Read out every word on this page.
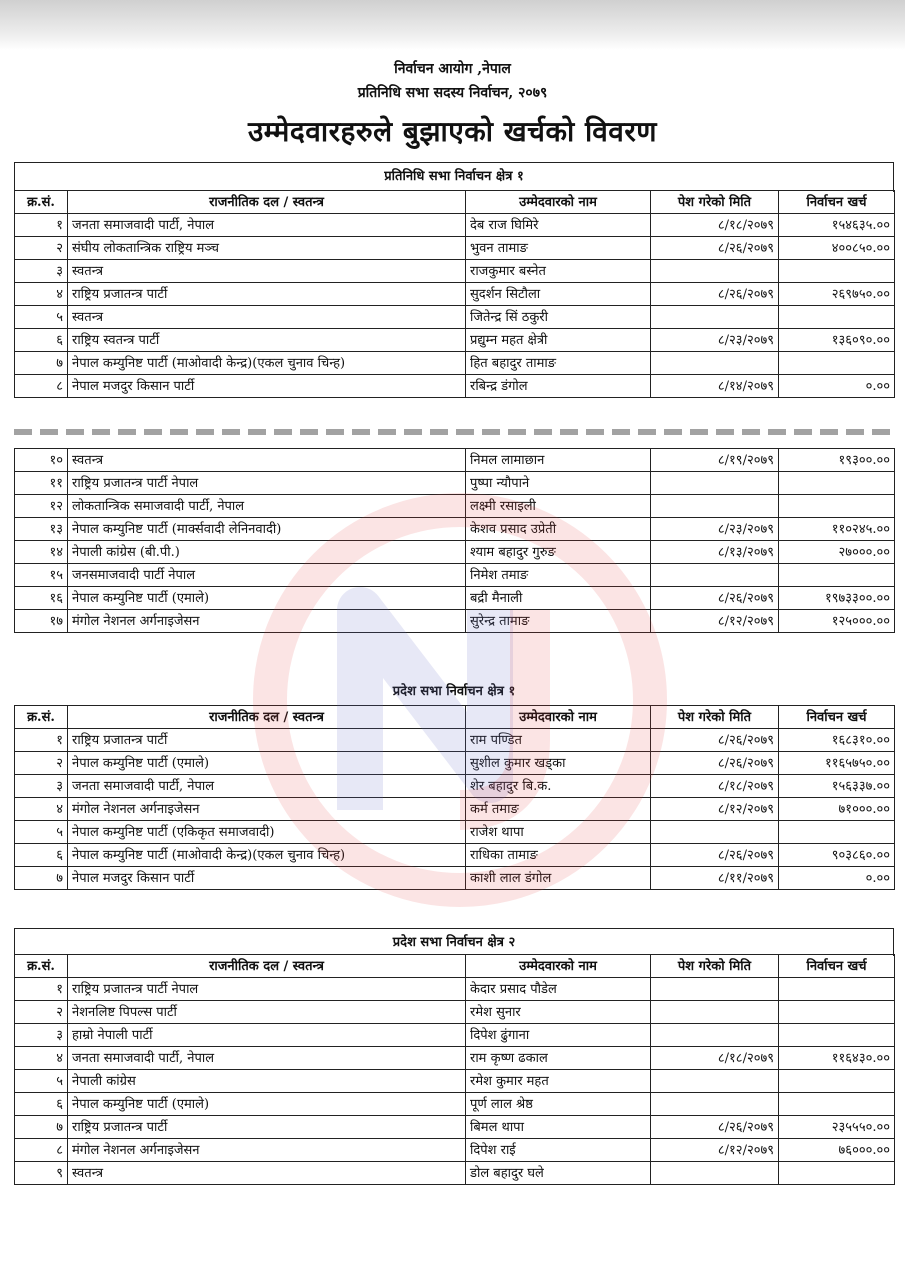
निर्वाचन आयोग ,नेपाल
प्रतिनिधि सभा सदस्य निर्वाचन, २०७९
उम्मेदवारहरुले बुझाएको खर्चको विवरण
प्रतिनिधि सभा निर्वाचन क्षेत्र १
क्र.सं.	राजनीतिक दल / स्वतन्त्र	उम्मेदवारको नाम	पेश गरेको मिति	निर्वाचन खर्च
१	जनता समाजवादी पार्टी, नेपाल	देब राज घिमिरे	८/१८/२०७९	१५४६३५.००
२	संघीय लोकतान्त्रिक राष्ट्रिय मञ्च	भुवन तामाङ	८/२६/२०७९	४००८५०.००
३	स्वतन्त्र	राजकुमार बस्नेत		
४	राष्ट्रिय प्रजातन्त्र पार्टी	सुदर्शन सिटौला	८/२६/२०७९	२६९७५०.००
५	स्वतन्त्र	जितेन्द्र सिं ठकुरी		
६	राष्ट्रिय स्वतन्त्र पार्टी	प्रद्युम्न महत क्षेत्री	८/२३/२०७९	१३६०९०.००
७	नेपाल कम्युनिष्ट पार्टी (माओवादी केन्द्र)(एकल चुनाव चिन्ह)	हित बहादुर तामाङ		
८	नेपाल मजदुर किसान पार्टी	रबिन्द्र डंगोल	८/१४/२०७९	०.००
१०	स्वतन्त्र	निमल लामाछान	८/१९/२०७९	१९३००.००
११	राष्ट्रिय प्रजातन्त्र पार्टी नेपाल	पुष्पा न्यौपाने		
१२	लोकतान्त्रिक समाजवादी पार्टी, नेपाल	लक्ष्मी रसाइली		
१३	नेपाल कम्युनिष्ट पार्टी (मार्क्सवादी लेनिनवादी)	केशव प्रसाद उप्रेती	८/२३/२०७९	११०२४५.००
१४	नेपाली कांग्रेस (बी.पी.)	श्याम बहादुर गुरुङ	८/१३/२०७९	२७०००.००
१५	जनसमाजवादी पार्टी नेपाल	निमेश तमाङ		
१६	नेपाल कम्युनिष्ट पार्टी (एमाले)	बद्री मैनाली	८/२६/२०७९	१९७३३००.००
१७	मंगोल नेशनल अर्गनाइजेसन	सुरेन्द्र तामाङ	८/१२/२०७९	१२५०००.००
प्रदेश सभा निर्वाचन क्षेत्र १
क्र.सं.	राजनीतिक दल / स्वतन्त्र	उम्मेदवारको नाम	पेश गरेको मिति	निर्वाचन खर्च
१	राष्ट्रिय प्रजातन्त्र पार्टी	राम पण्डित	८/२६/२०७९	१६८३१०.००
२	नेपाल कम्युनिष्ट पार्टी (एमाले)	सुशील कुमार खड्का	८/२६/२०७९	११६५७५०.००
३	जनता समाजवादी पार्टी, नेपाल	शेर बहादुर बि.क.	८/१८/२०७९	१५६३३७.००
४	मंगोल नेशनल अर्गनाइजेसन	कर्म तमाङ	८/१२/२०७९	७१०००.००
५	नेपाल कम्युनिष्ट पार्टी (एकिकृत समाजवादी)	राजेश थापा		
६	नेपाल कम्युनिष्ट पार्टी (माओवादी केन्द्र)(एकल चुनाव चिन्ह)	राधिका तामाङ	८/२६/२०७९	९०३८६०.००
७	नेपाल मजदुर किसान पार्टी	काशी लाल डंगोल	८/११/२०७९	०.००
प्रदेश सभा निर्वाचन क्षेत्र २
क्र.सं.	राजनीतिक दल / स्वतन्त्र	उम्मेदवारको नाम	पेश गरेको मिति	निर्वाचन खर्च
१	राष्ट्रिय प्रजातन्त्र पार्टी नेपाल	केदार प्रसाद पौडेल		
२	नेशनलिष्ट पिपल्स पार्टी	रमेश सुनार		
३	हाम्रो नेपाली पार्टी	दिपेश ढुंगाना		
४	जनता समाजवादी पार्टी, नेपाल	राम कृष्ण ढकाल	८/१८/२०७९	११६४३०.००
५	नेपाली कांग्रेस	रमेश कुमार महत		
६	नेपाल कम्युनिष्ट पार्टी (एमाले)	पूर्ण लाल श्रेष्ठ		
७	राष्ट्रिय प्रजातन्त्र पार्टी	बिमल थापा	८/२६/२०७९	२३५५५०.००
८	मंगोल नेशनल अर्गनाइजेसन	दिपेश राई	८/१२/२०७९	७६०००.००
९	स्वतन्त्र	डोल बहादुर घले		
